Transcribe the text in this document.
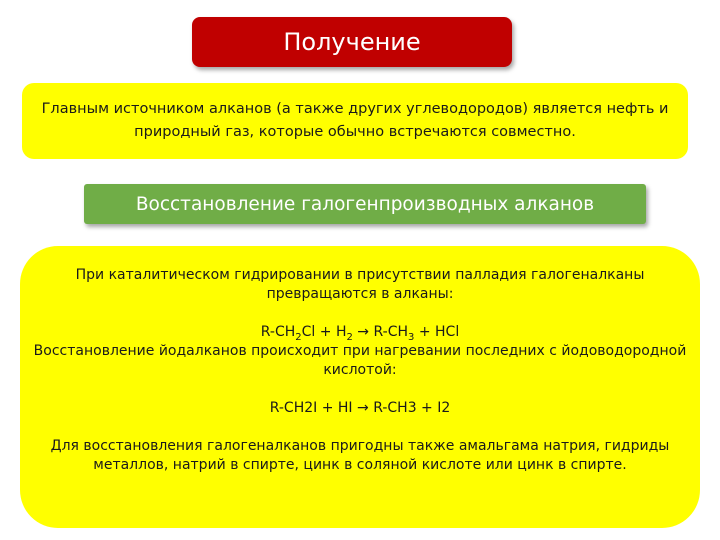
Получение
Главным источником алканов (а также других углеводородов) является нефть и природный газ, которые обычно встречаются совместно.
Восстановление галогенпроизводных алканов

При каталитическом гидрировании в присутствии палладия галогеналканы превращаются в алканы:

$R-CH_2Cl + H_2 \to R-CH_3$ + HCl

Восстановление йодалканов происходит при нагревании последних с йодоводородной кислотой:

R-CH2I + HI → R-CH3 + I2

Для восстановления галогеналканов пригодны также амальгама натрия, гидриды металлов, натрий в спирте, цинк в соляной кислоте или цинк в спирте.
